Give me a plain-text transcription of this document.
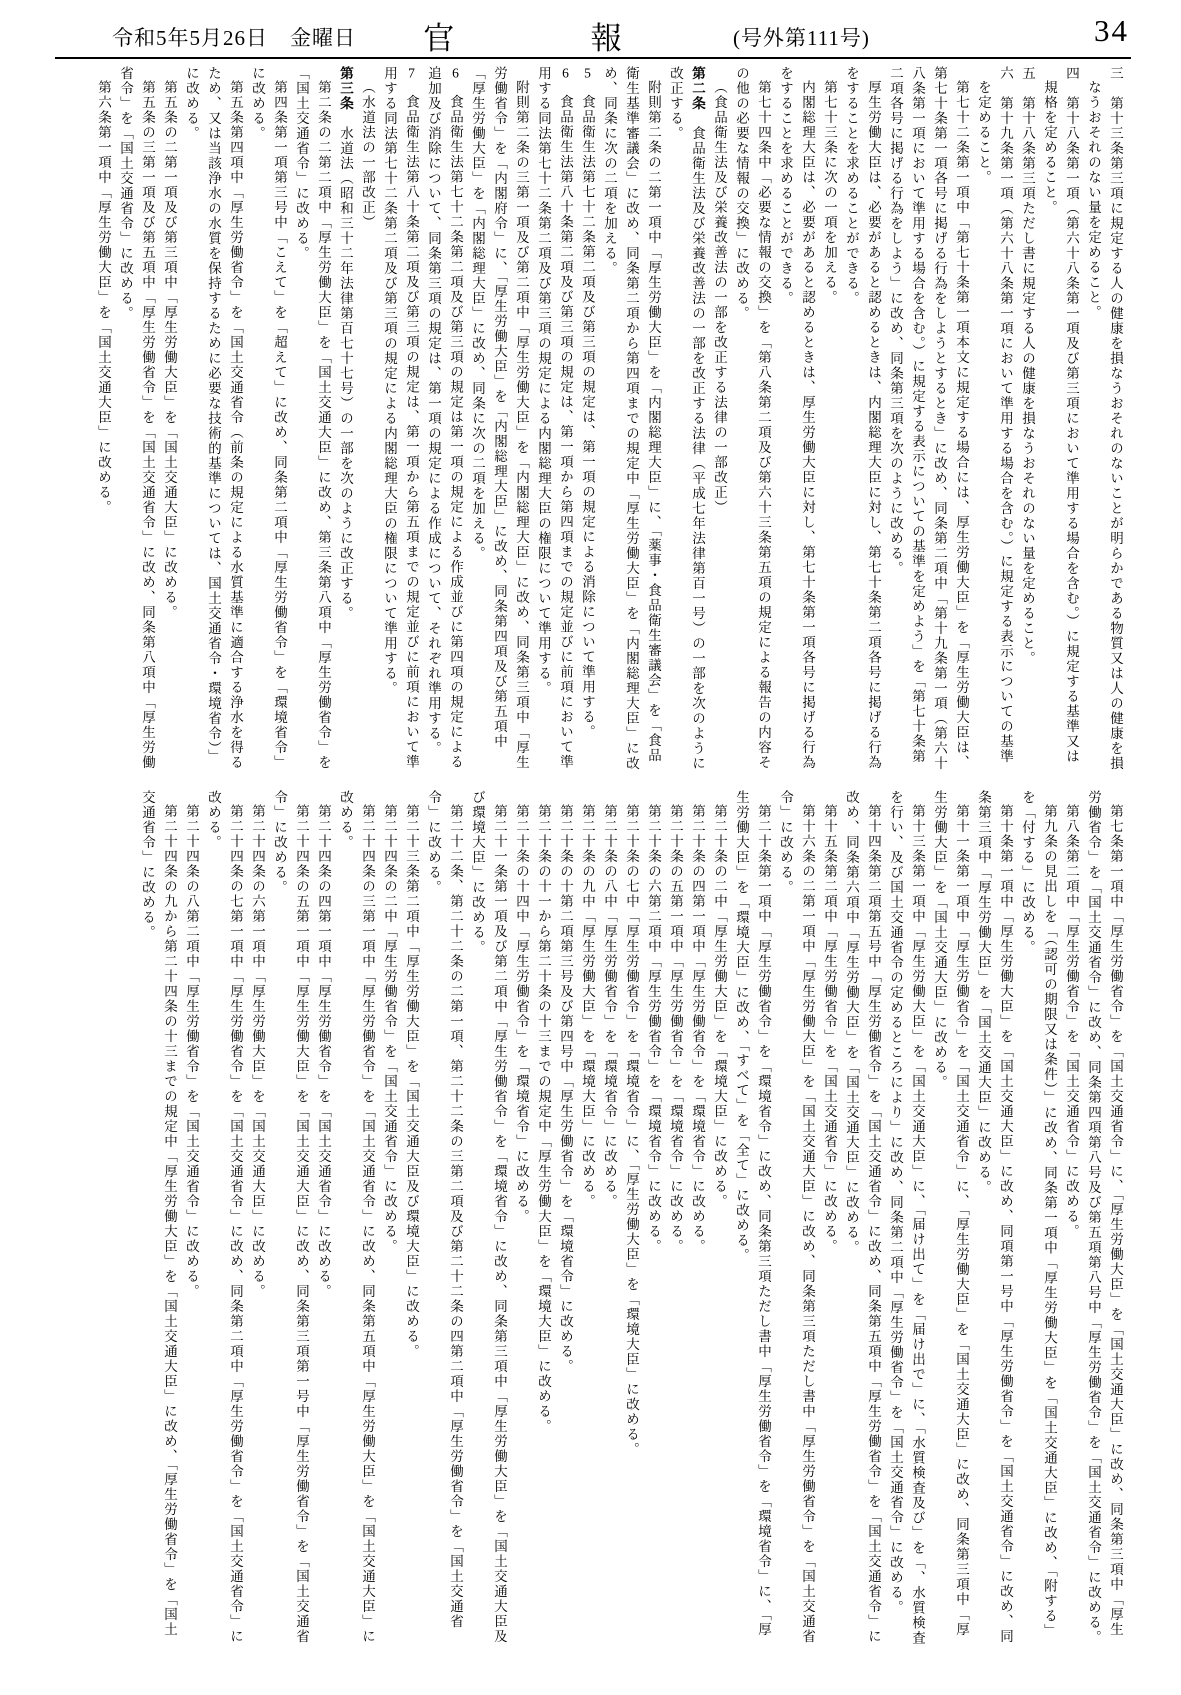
令和5年5月26日　金曜日 官報
(号外第111号)	34

三　第十三条第三項に規定する人の健康を損なうおそれのないことが明らかである物質又は人の健康を損なうおそれのない量を定めること。

四　第十八条第一項（第六十八条第一項及び第三項において準用する場合を含む。）に規定する基準又は規格を定めること。

五　第十八条第三項ただし書に規定する人の健康を損なうおそれのない量を定めること。

六　第十九条第一項（第六十八条第一項において準用する場合を含む。）に規定する表示についての基準を定めること。

第七十二条第一項中「第七十条第一項本文に規定する場合には、厚生労働大臣」を「厚生労働大臣は、第七十条第一項各号に掲げる行為をしようとするとき」に改め、同条第二項中「第十九条第一項（第六十八条第一項において準用する場合を含む。）に規定する表示についての基準を定めよう」を「第七十条第二項各号に掲げる行為をしよう」に改め、同条第三項を次のように改める。

厚生労働大臣は、必要があると認めるときは、内閣総理大臣に対し、第七十条第二項各号に掲げる行為をすることを求めることができる。

第七十三条に次の一項を加える。

内閣総理大臣は、必要があると認めるときは、厚生労働大臣に対し、第七十条第一項各号に掲げる行為をすることを求めることができる。

第七十四条中「必要な情報の交換」を「第八条第二項及び第六十三条第五項の規定による報告の内容その他の必要な情報の交換」に改める。

（食品衛生法及び栄養改善法の一部を改正する法律の一部改正）

第二条　食品衛生法及び栄養改善法の一部を改正する法律（平成七年法律第百一号）の一部を次のように改正する。

附則第二条の二第一項中「厚生労働大臣」を「内閣総理大臣」に、「薬事・食品衛生審議会」を「食品衛生基準審議会」に改め、同条第二項から第四項までの規定中「厚生労働大臣」を「内閣総理大臣」に改め、同条に次の二項を加える。

5　食品衛生法第七十二条第二項及び第三項の規定は、第一項の規定による消除について準用する。

6　食品衛生法第八十条第二項及び第三項の規定は、第一項から第四項までの規定並びに前項において準用する同法第七十二条第二項及び第三項の規定による内閣総理大臣の権限について準用する。

附則第二条の三第一項及び第二項中「厚生労働大臣」を「内閣総理大臣」に改め、同条第三項中「厚生労働省令」を「内閣府令」に、「厚生労働大臣」を「内閣総理大臣」に改め、同条第四項及び第五項中「厚生労働大臣」を「内閣総理大臣」に改め、同条に次の二項を加える。

6　食品衛生法第七十二条第二項及び第三項の規定は第一項の規定による作成並びに第四項の規定による追加及び消除について、同条第三項の規定は、第一項の規定による作成について、それぞれ準用する。

7　食品衛生法第八十条第二項及び第三項の規定は、第一項から第五項までの規定並びに前項において準用する同法第七十二条第二項及び第三項の規定による内閣総理大臣の権限について準用する。

（水道法の一部改正）

第三条　水道法（昭和三十二年法律第百七十七号）の一部を次のように改正する。

第二条の二第二項中「厚生労働大臣」を「国土交通大臣」に改め、第三条第八項中「厚生労働省令」を「国土交通省令」に改める。

第四条第一項第三号中「こえて」を「超えて」に改め、同条第二項中「厚生労働省令」を「環境省令」に改める。

第五条第四項中「厚生労働省令」を「国土交通省令（前条の規定による水質基準に適合する浄水を得るため、又は当該浄水の水質を保持するために必要な技術的基準については、国土交通省令・環境省令）」に改める。

第五条の二第一項及び第三項中「厚生労働大臣」を「国土交通大臣」に改める。

第五条の三第一項及び第五項中「厚生労働省令」を「国土交通省令」に改め、同条第八項中「厚生労働省令」を「国土交通省令」に改める。

第六条第一項中「厚生労働大臣」を「国土交通大臣」に改める。

第七条第一項中「厚生労働省令」を「国土交通省令」に、「厚生労働大臣」を「国土交通大臣」に改め、同条第三項中「厚生労働省令」を「国土交通省令」に改め、同条第四項第八号及び第五項第八号中「厚生労働省令」を「国土交通省令」に改める。

第八条第二項中「厚生労働省令」を「国土交通省令」に改める。

第九条の見出しを「（認可の期限又は条件）」に改め、同条第一項中「厚生労働大臣」を「国土交通大臣」に改め、「附する」を「付する」に改める。

第十条第一項中「厚生労働大臣」を「国土交通大臣」に改め、同項第一号中「厚生労働省令」を「国土交通省令」に改め、同条第三項中「厚生労働大臣」を「国土交通大臣」に改める。

第十一条第一項中「厚生労働省令」を「国土交通省令」に、「厚生労働大臣」を「国土交通大臣」に改め、同条第三項中「厚生労働大臣」を「国土交通大臣」に改める。

第十三条第一項中「厚生労働大臣」を「国土交通大臣」に、「届け出て」を「届け出で」に、「水質検査及び」を「、水質検査を行い、及び国土交通省令の定めるところにより」に改め、同条第二項中「厚生労働省令」を「国土交通省令」に改める。

第十四条第二項第五号中「厚生労働省令」を「国土交通省令」に改め、同条第五項中「厚生労働省令」を「国土交通省令」に改め、同条第六項中「厚生労働大臣」を「国土交通大臣」に改める。

第十五条第二項中「厚生労働省令」を「国土交通省令」に改める。

第十六条の二第一項中「厚生労働大臣」を「国土交通大臣」に改め、同条第三項ただし書中「厚生労働省令」を「国土交通省令」に改める。

第二十条第一項中「厚生労働省令」を「環境省令」に改め、同条第三項ただし書中「厚生労働省令」を「環境省令」に、「厚生労働大臣」を「環境大臣」に改め、「すべて」を「全て」に改める。

第二十条の二中「厚生労働大臣」を「環境大臣」に改める。

第二十条の四第一項中「厚生労働省令」を「環境省令」に改める。

第二十条の五第一項中「厚生労働省令」を「環境省令」に改める。

第二十条の六第二項中「厚生労働省令」を「環境省令」に改める。

第二十条の七中「厚生労働省令」を「環境省令」に、「厚生労働大臣」を「環境大臣」に改める。

第二十条の八中「厚生労働省令」を「環境省令」に改める。

第二十条の九中「厚生労働大臣」を「環境大臣」に改める。

第二十条の十第二項第三号及び第四号中「厚生労働省令」を「環境省令」に改める。

第二十条の十一から第二十条の十三までの規定中「厚生労働大臣」を「環境大臣」に改める。

第二十条の十四中「厚生労働省令」を「環境省令」に改める。

第二十一条第一項及び第二項中「厚生労働省令」を「環境省令」に改め、同条第三項中「厚生労働大臣」を「国土交通大臣及び環境大臣」に改める。

第二十二条、第二十二条の二第一項、第二十二条の三第二項及び第二十二条の四第二項中「厚生労働省令」を「国土交通省令」に改める。

第二十三条第二項中「厚生労働大臣」を「国土交通大臣及び環境大臣」に改める。

第二十四条の二中「厚生労働省令」を「国土交通省令」に改める。

第二十四条の三第一項中「厚生労働省令」を「国土交通省令」に改め、同条第五項中「厚生労働大臣」を「国土交通大臣」に改める。

第二十四条の四第一項中「厚生労働省令」を「国土交通省令」に改める。

第二十四条の五第一項中「厚生労働大臣」を「国土交通大臣」に改め、同条第三項第一号中「厚生労働省令」を「国土交通省令」に改める。

第二十四条の六第一項中「厚生労働大臣」を「国土交通大臣」に改める。

第二十四条の七第一項中「厚生労働省令」を「国土交通省令」に改め、同条第二項中「厚生労働省令」を「国土交通省令」に改める。

第二十四条の八第二項中「厚生労働省令」を「国土交通省令」に改める。

第二十四条の九から第二十四条の十三までの規定中「厚生労働大臣」を「国土交通大臣」に改め、「厚生労働省令」を「国土交通省令」に改める。
